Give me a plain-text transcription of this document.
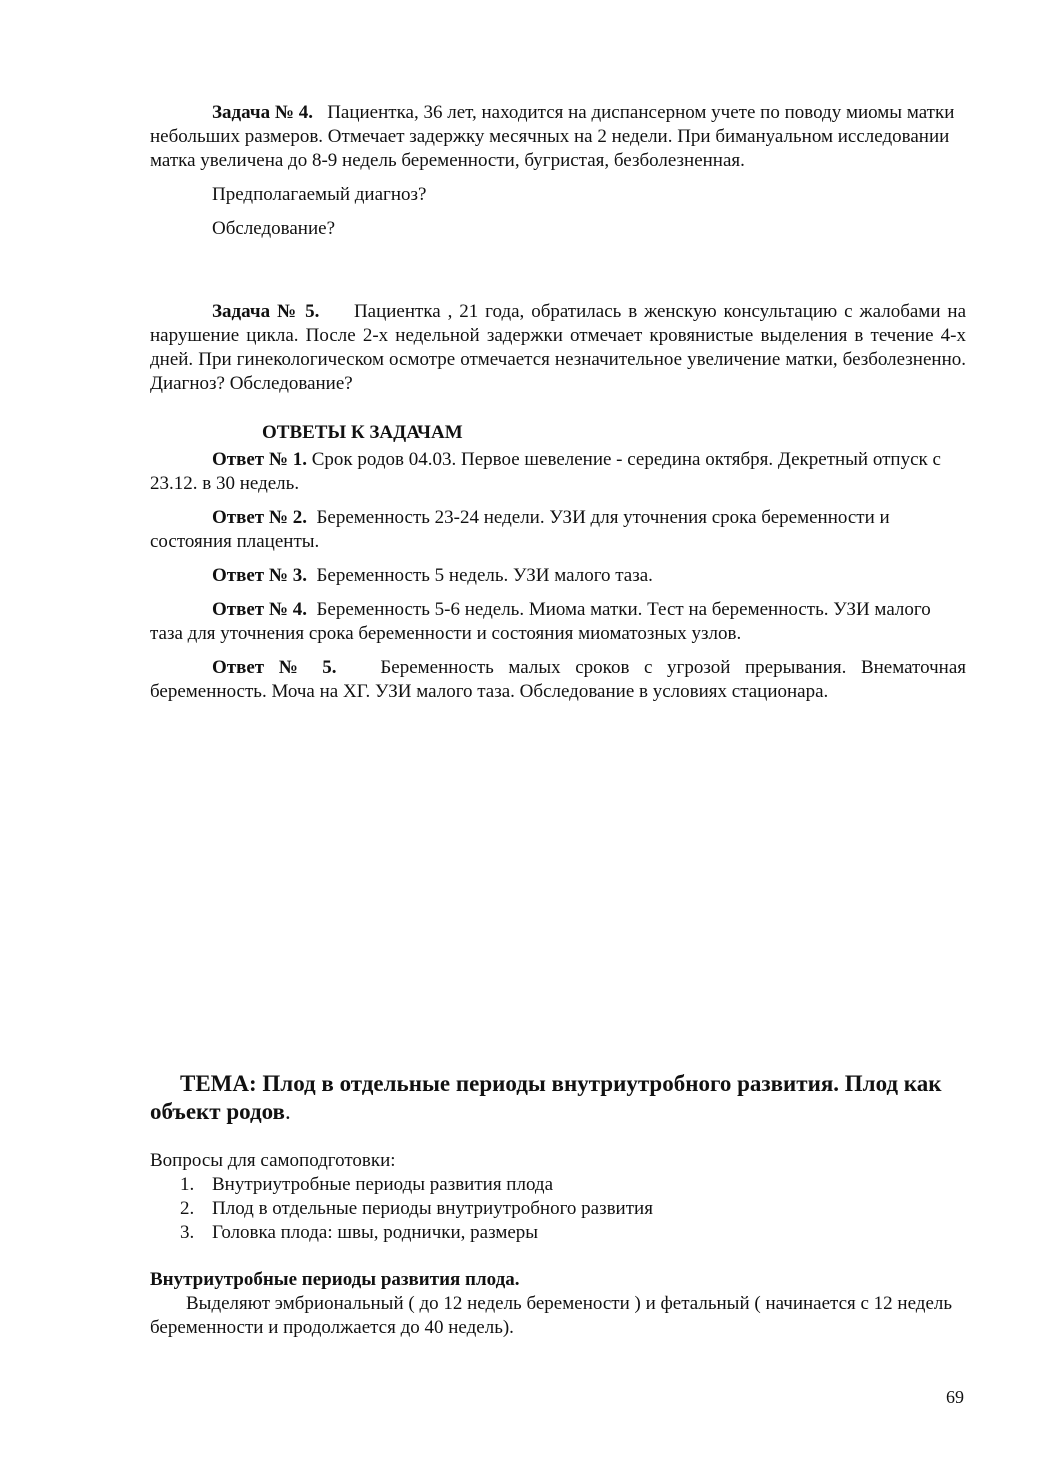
Задача № 4. Пациентка, 36 лет, находится на диспансерном учете по поводу миомы матки небольших размеров. Отмечает задержку месячных на 2 недели. При бимануальном исследовании матка увеличена до 8-9 недель беременности, бугристая, безболезненная.

Предполагаемый диагноз?

Обследование?

Задача № 5. Пациентка , 21 года, обратилась в женскую консультацию с жалобами на нарушение цикла. После 2-х недельной задержки отмечает кровянистые выделения в течение 4-х дней. При гинекологическом осмотре отмечается незначительное увеличение матки, безболезненно. Диагноз? Обследование?

ОТВЕТЫ К ЗАДАЧАМ

Ответ № 1. Срок родов 04.03. Первое шевеление - середина октября. Декретный отпуск с 23.12. в 30 недель.

Ответ № 2. Беременность 23-24 недели. УЗИ для уточнения срока беременности и состояния плаценты.

Ответ № 3. Беременность 5 недель. УЗИ малого таза.

Ответ № 4. Беременность 5-6 недель. Миома матки. Тест на беременность. УЗИ малого таза для уточнения срока беременности и состояния миоматозных узлов.

Ответ № 5. Беременность малых сроков с угрозой прерывания. Внематочная беременность. Моча на ХГ. УЗИ малого таза. Обследование в условиях стационара.

ТЕМА: Плод в отдельные периоды внутриутробного развития. Плод как объект родов.

Вопросы для самоподготовки:

1. Внутриутробные периоды развития плода
2. Плод в отдельные периоды внутриутробного развития
3. Головка плода: швы, роднички, размеры

Внутриутробные периоды развития плода.

Выделяют эмбриональный ( до 12 недель беремености ) и фетальный ( начинается с 12 недель беременности и продолжается до 40 недель).

69
